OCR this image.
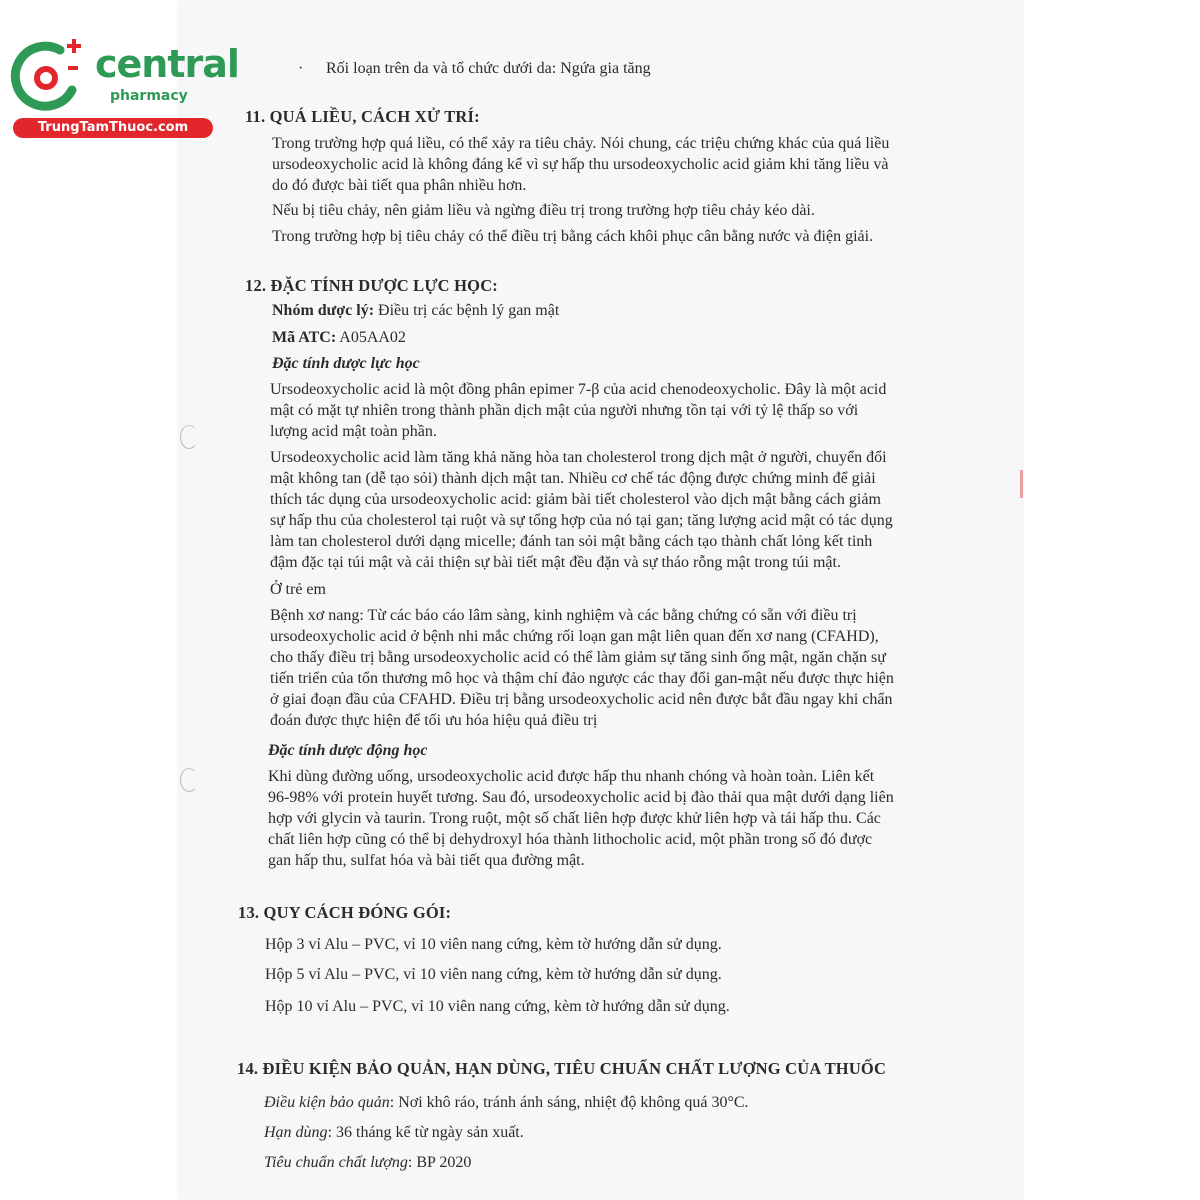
central
pharmacy
TrungTamThuoc.com
· Rối loạn trên da và tổ chức dưới da: Ngứa gia tăng
11. QUÁ LIỀU, CÁCH XỬ TRÍ:
Trong trường hợp quá liều, có thể xảy ra tiêu chảy. Nói chung, các triệu chứng khác của quá liều
ursodeoxycholic acid là không đáng kể vì sự hấp thu ursodeoxycholic acid giảm khi tăng liều và
do đó được bài tiết qua phân nhiều hơn.
Nếu bị tiêu chảy, nên giảm liều và ngừng điều trị trong trường hợp tiêu chảy kéo dài.
Trong trường hợp bị tiêu chảy có thể điều trị bằng cách khôi phục cân bằng nước và điện giải.
12. ĐẶC TÍNH DƯỢC LỰC HỌC:
Nhóm dược lý: Điều trị các bệnh lý gan mật
Mã ATC: A05AA02
Đặc tính dược lực học
Ursodeoxycholic acid là một đồng phân epimer 7-β của acid chenodeoxycholic. Đây là một acid
mật có mặt tự nhiên trong thành phần dịch mật của người nhưng tồn tại với tỷ lệ thấp so với
lượng acid mật toàn phần.
Ursodeoxycholic acid làm tăng khả năng hòa tan cholesterol trong dịch mật ở người, chuyển đổi
mật không tan (dễ tạo sỏi) thành dịch mật tan. Nhiều cơ chế tác động được chứng minh để giải
thích tác dụng của ursodeoxycholic acid: giảm bài tiết cholesterol vào dịch mật bằng cách giảm
sự hấp thu của cholesterol tại ruột và sự tổng hợp của nó tại gan; tăng lượng acid mật có tác dụng
làm tan cholesterol dưới dạng micelle; đánh tan sỏi mật bằng cách tạo thành chất lỏng kết tinh
đậm đặc tại túi mật và cải thiện sự bài tiết mật đều đặn và sự tháo rỗng mật trong túi mật.
Ở trẻ em
Bệnh xơ nang: Từ các báo cáo lâm sàng, kinh nghiệm và các bằng chứng có sẵn với điều trị
ursodeoxycholic acid ở bệnh nhi mắc chứng rối loạn gan mật liên quan đến xơ nang (CFAHD),
cho thấy điều trị bằng ursodeoxycholic acid có thể làm giảm sự tăng sinh ống mật, ngăn chặn sự
tiến triển của tổn thương mô học và thậm chí đảo ngược các thay đổi gan-mật nếu được thực hiện
ở giai đoạn đầu của CFAHD. Điều trị bằng ursodeoxycholic acid nên được bắt đầu ngay khi chẩn
đoán được thực hiện để tối ưu hóa hiệu quả điều trị
Đặc tính dược động học
Khi dùng đường uống, ursodeoxycholic acid được hấp thu nhanh chóng và hoàn toàn. Liên kết
96-98% với protein huyết tương. Sau đó, ursodeoxycholic acid bị đào thải qua mật dưới dạng liên
hợp với glycin và taurin. Trong ruột, một số chất liên hợp được khử liên hợp và tái hấp thu. Các
chất liên hợp cũng có thể bị dehydroxyl hóa thành lithocholic acid, một phần trong số đó được
gan hấp thu, sulfat hóa và bài tiết qua đường mật.
13. QUY CÁCH ĐÓNG GÓI:
Hộp 3 vỉ Alu – PVC, vỉ 10 viên nang cứng, kèm tờ hướng dẫn sử dụng.
Hộp 5 vỉ Alu – PVC, vỉ 10 viên nang cứng, kèm tờ hướng dẫn sử dụng.
Hộp 10 vỉ Alu – PVC, vỉ 10 viên nang cứng, kèm tờ hướng dẫn sử dụng.
14. ĐIỀU KIỆN BẢO QUẢN, HẠN DÙNG, TIÊU CHUẨN CHẤT LƯỢNG CỦA THUỐC
Điều kiện bảo quản: Nơi khô ráo, tránh ánh sáng, nhiệt độ không quá 30°C.
Hạn dùng: 36 tháng kể từ ngày sản xuất.
Tiêu chuẩn chất lượng: BP 2020
